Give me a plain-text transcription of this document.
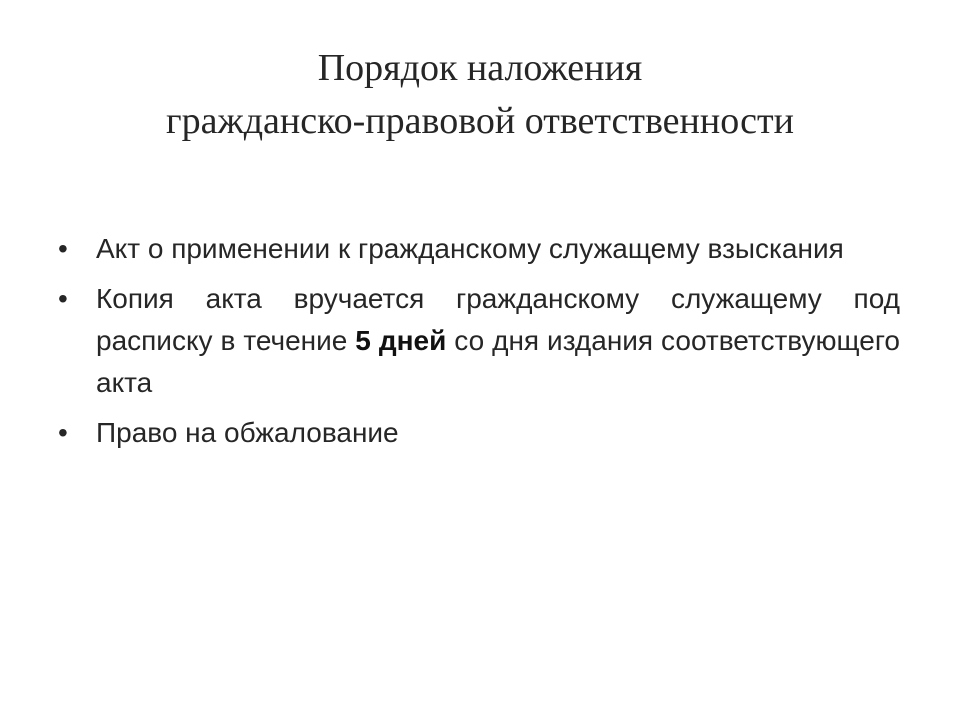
Порядок наложения
гражданско-правовой ответственности
• Акт о применении к гражданскому служащему взыскания
• Копия акта вручается гражданскому служащему под расписку в течение 5 дней со дня издания соответствующего акта
• Право на обжалование
